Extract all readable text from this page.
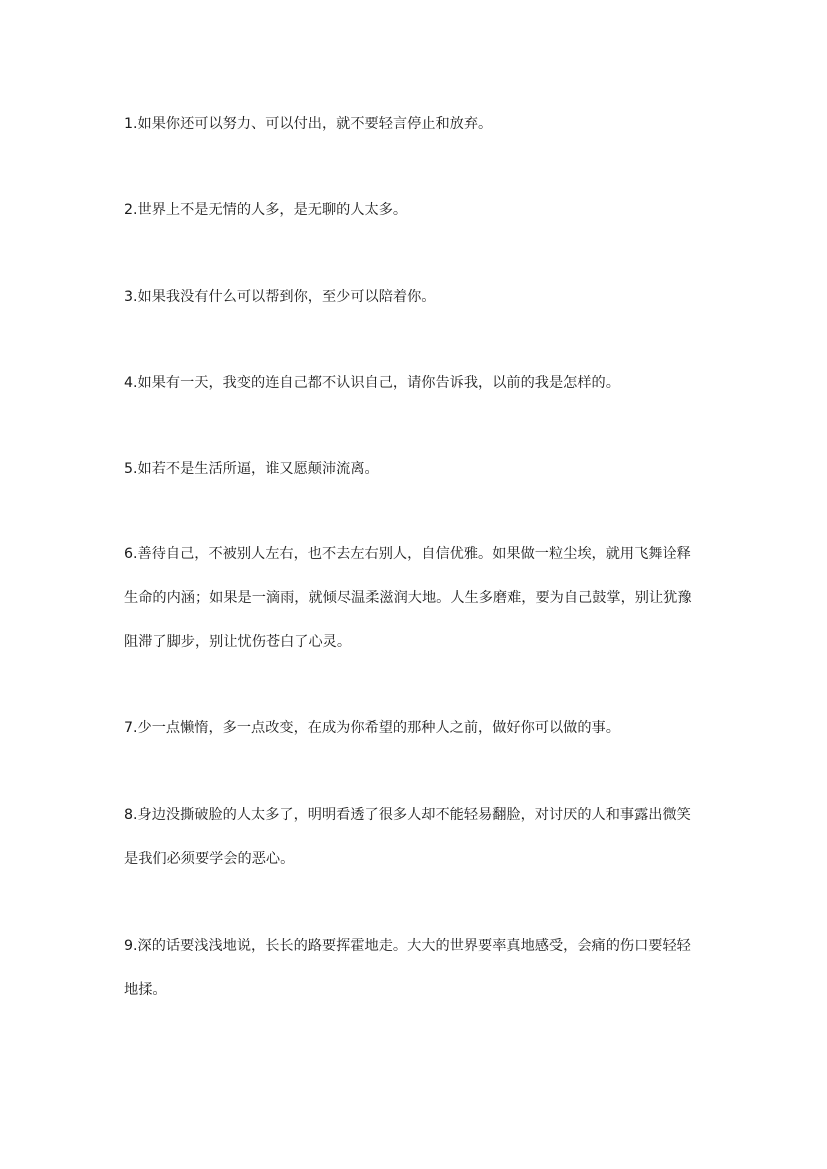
1.如果你还可以努力、可以付出，就不要轻言停止和放弃。

2.世界上不是无情的人多，是无聊的人太多。

3.如果我没有什么可以帮到你，至少可以陪着你。

4.如果有一天，我变的连自己都不认识自己，请你告诉我，以前的我是怎样的。

5.如若不是生活所逼，谁又愿颠沛流离。

6.善待自己，不被别人左右，也不去左右别人，自信优雅。如果做一粒尘埃，就用飞舞诠释
生命的内涵；如果是一滴雨，就倾尽温柔滋润大地。人生多磨难，要为自己鼓掌，别让犹豫
阻滞了脚步，别让忧伤苍白了心灵。

7.少一点懒惰，多一点改变，在成为你希望的那种人之前，做好你可以做的事。

8.身边没撕破脸的人太多了，明明看透了很多人却不能轻易翻脸，对讨厌的人和事露出微笑
是我们必须要学会的恶心。

9.深的话要浅浅地说，长长的路要挥霍地走。大大的世界要率真地感受，会痛的伤口要轻轻
地揉。
